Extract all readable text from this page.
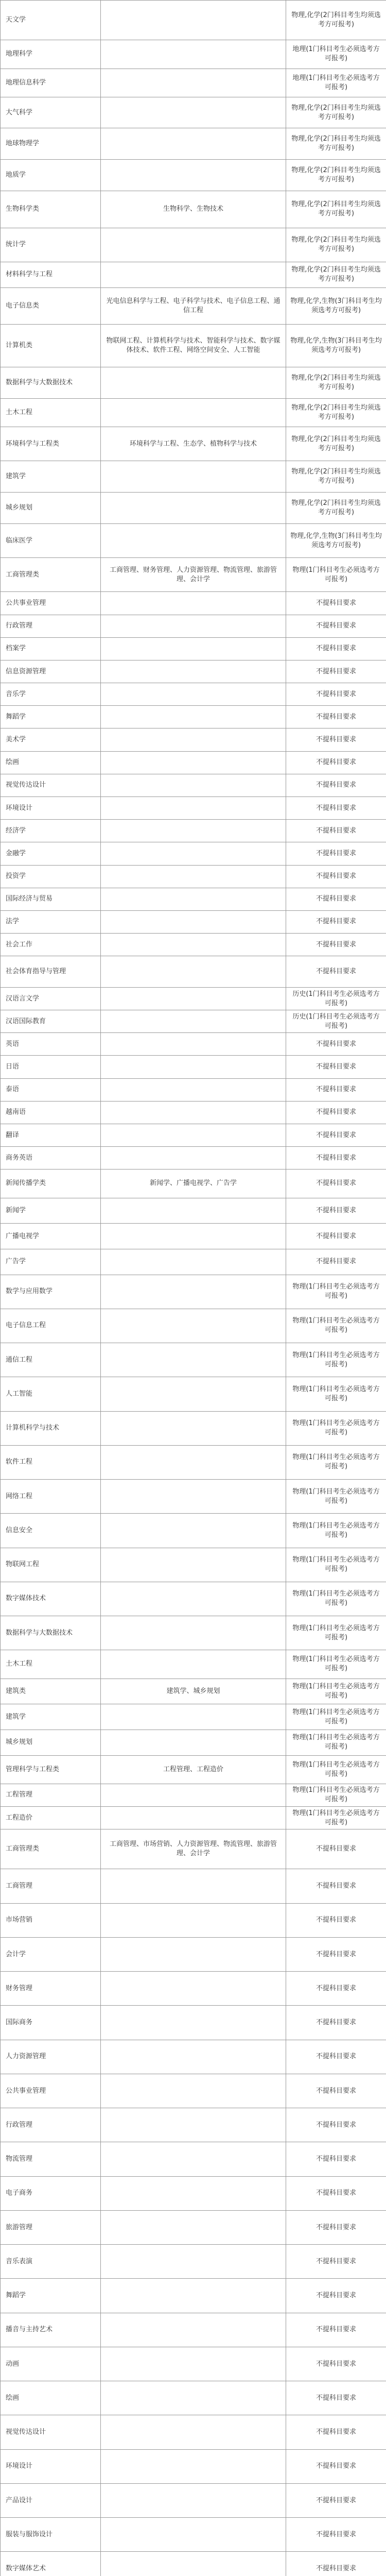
天文学		物理,化学(2门科目考生均须选考方可报考)
地理科学		地理(1门科目考生必须选考方可报考)
地理信息科学		地理(1门科目考生必须选考方可报考)
大气科学		物理,化学(2门科目考生均须选考方可报考)
地球物理学		物理,化学(2门科目考生均须选考方可报考)
地质学		物理,化学(2门科目考生均须选考方可报考)
生物科学类	生物科学、生物技术	物理,化学(2门科目考生均须选考方可报考)
统计学		物理,化学(2门科目考生均须选考方可报考)
材料科学与工程		物理,化学(2门科目考生均须选考方可报考)
电子信息类	光电信息科学与工程、电子科学与技术、电子信息工程、通信工程	物理,化学,生物(3门科目考生均须选考方可报考)
计算机类	物联网工程、计算机科学与技术、智能科学与技术、数字媒体技术、软件工程、网络空间安全、人工智能	物理,化学,生物(3门科目考生均须选考方可报考)
数据科学与大数据技术		物理,化学(2门科目考生均须选考方可报考)
土木工程		物理,化学(2门科目考生均须选考方可报考)
环境科学与工程类	环境科学与工程、生态学、植物科学与技术	物理,化学(2门科目考生均须选考方可报考)
建筑学		物理,化学(2门科目考生均须选考方可报考)
城乡规划		物理,化学(2门科目考生均须选考方可报考)
临床医学		物理,化学,生物(3门科目考生均须选考方可报考)
工商管理类	工商管理、财务管理、人力资源管理、物流管理、旅游管理、会计学	物理(1门科目考生必须选考方可报考)
公共事业管理		不提科目要求
行政管理		不提科目要求
档案学		不提科目要求
信息资源管理		不提科目要求
音乐学		不提科目要求
舞蹈学		不提科目要求
美术学		不提科目要求
绘画		不提科目要求
视觉传达设计		不提科目要求
环境设计		不提科目要求
经济学		不提科目要求
金融学		不提科目要求
投资学		不提科目要求
国际经济与贸易		不提科目要求
法学		不提科目要求
社会工作		不提科目要求
社会体育指导与管理		不提科目要求
汉语言文学		历史(1门科目考生必须选考方可报考)
汉语国际教育		历史(1门科目考生必须选考方可报考)
英语		不提科目要求
日语		不提科目要求
泰语		不提科目要求
越南语		不提科目要求
翻译		不提科目要求
商务英语		不提科目要求
新闻传播学类	新闻学、广播电视学、广告学	不提科目要求
新闻学		不提科目要求
广播电视学		不提科目要求
广告学		不提科目要求
数学与应用数学		物理(1门科目考生必须选考方可报考)
电子信息工程		物理(1门科目考生必须选考方可报考)
通信工程		物理(1门科目考生必须选考方可报考)
人工智能		物理(1门科目考生必须选考方可报考)
计算机科学与技术		物理(1门科目考生必须选考方可报考)
软件工程		物理(1门科目考生必须选考方可报考)
网络工程		物理(1门科目考生必须选考方可报考)
信息安全		物理(1门科目考生必须选考方可报考)
物联网工程		物理(1门科目考生必须选考方可报考)
数字媒体技术		物理(1门科目考生必须选考方可报考)
数据科学与大数据技术		物理(1门科目考生必须选考方可报考)
土木工程		物理(1门科目考生必须选考方可报考)
建筑类	建筑学、城乡规划	物理(1门科目考生必须选考方可报考)
建筑学		物理(1门科目考生必须选考方可报考)
城乡规划		物理(1门科目考生必须选考方可报考)
管理科学与工程类	工程管理、工程造价	物理(1门科目考生必须选考方可报考)
工程管理		物理(1门科目考生必须选考方可报考)
工程造价		物理(1门科目考生必须选考方可报考)
工商管理类	工商管理、市场营销、人力资源管理、物流管理、旅游管理、会计学	不提科目要求
工商管理		不提科目要求
市场营销		不提科目要求
会计学		不提科目要求
财务管理		不提科目要求
国际商务		不提科目要求
人力资源管理		不提科目要求
公共事业管理		不提科目要求
行政管理		不提科目要求
物流管理		不提科目要求
电子商务		不提科目要求
旅游管理		不提科目要求
音乐表演		不提科目要求
舞蹈学		不提科目要求
播音与主持艺术		不提科目要求
动画		不提科目要求
绘画		不提科目要求
视觉传达设计		不提科目要求
环境设计		不提科目要求
产品设计		不提科目要求
服装与服饰设计		不提科目要求
数字媒体艺术		不提科目要求
